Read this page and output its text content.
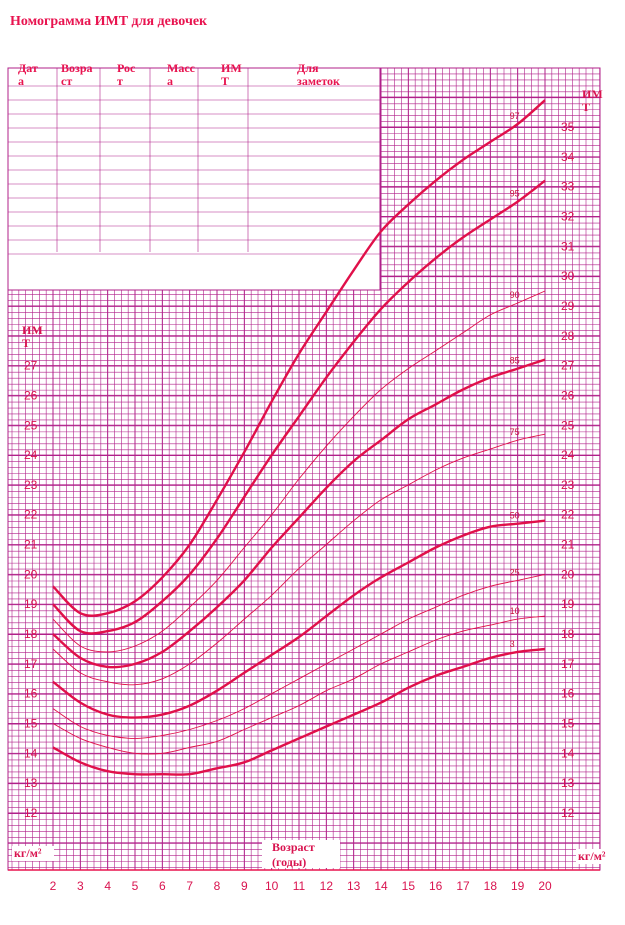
Дат
а
Возра
ст
Рос
т
Масс
а
ИМ
Т
Для
заметок
97
95
90
85
75
50
25
10
3
2 3 4 5 6 7 8 9 10 11 12 13 14 15 16 17 18 19 20
12
13
14
15
16
17
18
19
20
21
22
23
24
25
26
27
28
29
30
31
32
33
34
35
12
13
14
15
16
17
18
19
20
21
22
23
24
25
26
27
ИМ
Т
ИМ
Т
кг/м²	кг/м²
Возраст
(годы)
Номограмма ИМТ для девочек
